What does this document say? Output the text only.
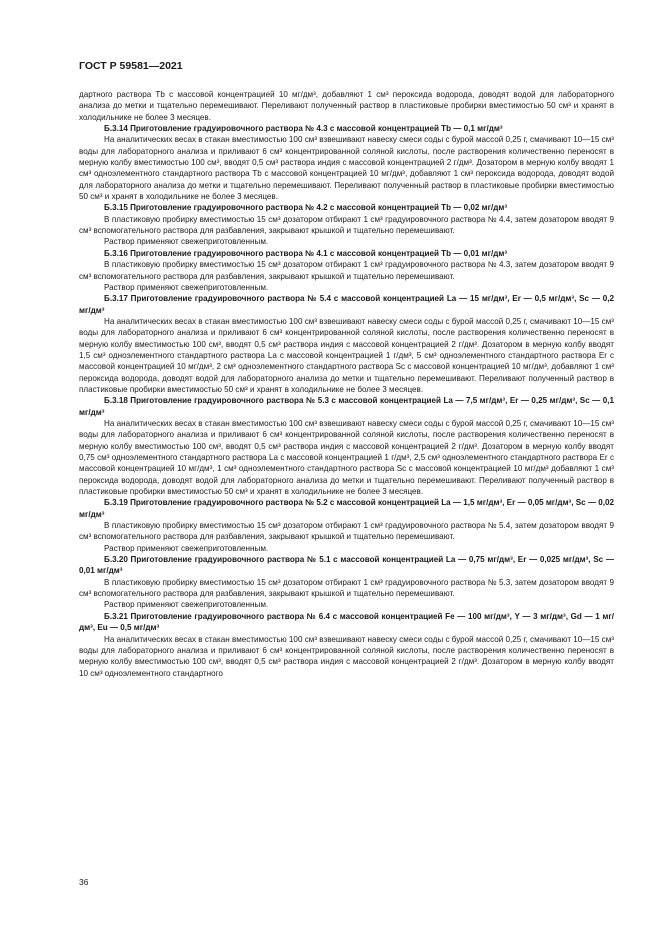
ГОСТ Р 59581—2021

дартного раствора Tb с массовой концентрацией 10 мг/дм³, добавляют 1 см³ пероксида водорода, доводят водой для лабораторного анализа до метки и тщательно перемешивают. Переливают полученный раствор в пластиковые пробирки вместимостью 50 см³ и хранят в холодильнике не более 3 месяцев.

Б.3.14 Приготовление градуировочного раствора № 4.3 с массовой концентрацией Tb — 0,1 мг/дм³

На аналитических весах в стакан вместимостью 100 см³ взвешивают навеску смеси соды с бурой массой 0,25 г, смачивают 10—15 см³ воды для лабораторного анализа и приливают 6 см³ концентрированной соляной кислоты, после растворения количественно переносят в мерную колбу вместимостью 100 см³, вводят 0,5 см³ раствора индия с массовой концентрацией 2 г/дм³. Дозатором в мерную колбу вводят 1 см³ одноэлементного стандартного раствора Tb с массовой концентрацией 10 мг/дм³, добавляют 1 см³ пероксида водорода, доводят водой для лабораторного анализа до метки и тщательно перемешивают. Переливают полученный раствор в пластиковые пробирки вместимостью 50 см³ и хранят в холодильнике не более 3 месяцев.

Б.3.15 Приготовление градуировочного раствора № 4.2 с массовой концентрацией Tb — 0,02 мг/дм³

В пластиковую пробирку вместимостью 15 см³ дозатором отбирают 1 см³ градуировочного раствора № 4.4, затем дозатором вводят 9 см³ вспомогательного раствора для разбавления, закрывают крышкой и тщательно перемешивают.

Раствор применяют свежеприготовленным.

Б.3.16 Приготовление градуировочного раствора № 4.1 с массовой концентрацией Tb — 0,01 мг/дм³

В пластиковую пробирку вместимостью 15 см³ дозатором отбирают 1 см³ градуировочного раствора № 4.3, затем дозатором вводят 9 см³ вспомогательного раствора для разбавления, закрывают крышкой и тщательно перемешивают.

Раствор применяют свежеприготовленным.

Б.3.17 Приготовление градуировочного раствора № 5.4 с массовой концентрацией La — 15 мг/дм³, Er — 0,5 мг/дм³, Sc — 0,2 мг/дм³

На аналитических весах в стакан вместимостью 100 см³ взвешивают навеску смеси соды с бурой массой 0,25 г, смачивают 10—15 см³ воды для лабораторного анализа и приливают 6 см³ концентрированной соляной кислоты, после растворения количественно переносят в мерную колбу вместимостью 100 см³, вводят 0,5 см³ раствора индия с массовой концентрацией 2 г/дм³. Дозатором в мерную колбу вводят 1,5 см³ одноэлементного стандартного раствора La с массовой концентрацией 1 г/дм³, 5 см³ одноэлементного стандартного раствора Er с массовой концентрацией 10 мг/дм³, 2 см³ одноэлементного стандартного раствора Sc с массовой концентрацией 10 мг/дм³, добавляют 1 см³ пероксида водорода, доводят водой для лабораторного анализа до метки и тщательно перемешивают. Переливают полученный раствор в пластиковые пробирки вместимостью 50 см³ и хранят в холодильнике не более 3 месяцев.

Б.3.18 Приготовление градуировочного раствора № 5.3 с массовой концентрацией La — 7,5 мг/дм³, Er — 0,25 мг/дм³, Sc — 0,1 мг/дм³

На аналитических весах в стакан вместимостью 100 см³ взвешивают навеску смеси соды с бурой массой 0,25 г, смачивают 10—15 см³ воды для лабораторного анализа и приливают 6 см³ концентрированной соляной кислоты, после растворения количественно переносят в мерную колбу вместимостью 100 см³, вводят 0,5 см³ раствора индия с массовой концентрацией 2 г/дм³. Дозатором в мерную колбу вводят 0,75 см³ одноэлементного стандартного раствора La с массовой концентрацией 1 г/дм³, 2,5 см³ одноэлементного стандартного раствора Er с массовой концентрацией 10 мг/дм³, 1 см³ одноэлементного стандартного раствора Sc с массовой концентрацией 10 мг/дм³ добавляют 1 см³ пероксида водорода, доводят водой для лабораторного анализа до метки и тщательно перемешивают. Переливают полученный раствор в пластиковые пробирки вместимостью 50 см³ и хранят в холодильнике не более 3 месяцев.

Б.3.19 Приготовление градуировочного раствора № 5.2 с массовой концентрацией La — 1,5 мг/дм³, Er — 0,05 мг/дм³, Sc — 0,02 мг/дм³

В пластиковую пробирку вместимостью 15 см³ дозатором отбирают 1 см³ градуировочного раствора № 5.4, затем дозатором вводят 9 см³ вспомогательного раствора для разбавления, закрывают крышкой и тщательно перемешивают.

Раствор применяют свежеприготовленным.

Б.3.20 Приготовление градуировочного раствора № 5.1 с массовой концентрацией La — 0,75 мг/дм³, Er — 0,025 мг/дм³, Sc — 0,01 мг/дм³

В пластиковую пробирку вместимостью 15 см³ дозатором отбирают 1 см³ градуировочного раствора № 5.3, затем дозатором вводят 9 см³ вспомогательного раствора для разбавления, закрывают крышкой и тщательно перемешивают.

Раствор применяют свежеприготовленным.

Б.3.21 Приготовление градуировочного раствора № 6.4 с массовой концентрацией Fe — 100 мг/дм³, Y — 3 мг/дм³, Gd — 1 мг/дм³, Eu — 0,5 мг/дм³

На аналитических весах в стакан вместимостью 100 см³ взвешивают навеску смеси соды с бурой массой 0,25 г, смачивают 10—15 см³ воды для лабораторного анализа и приливают 6 см³ концентрированной соляной кислоты, после растворения количественно переносят в мерную колбу вместимостью 100 см³, вводят 0,5 см³ раствора индия с массовой концентрацией 2 г/дм³. Дозатором в мерную колбу вводят 10 см³ одноэлементного стандартного

36
